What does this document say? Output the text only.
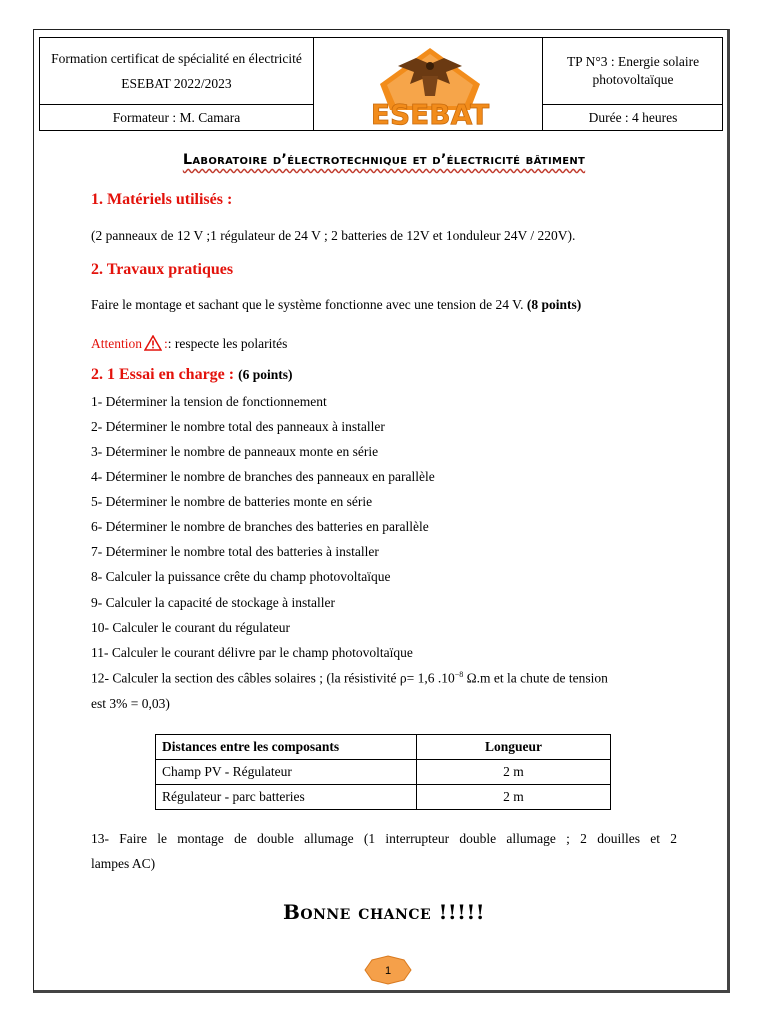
Formation certificat de spécialité en électricité ESEBAT 2022/2023
Formateur : M. Camara	ESEBAT
TP N°3 : Energie solaire photovoltaïque
Durée : 4 heures
Laboratoire d’électrotechnique et d’électricité bâtiment
1. Matériels utilisés :
(2 panneaux de 12 V ;1 régulateur de 24 V ; 2 batteries de 12V et 1onduleur 24V / 220V).
2. Travaux pratiques
Faire le montage et sachant que le système fonctionne avec une tension de 24 V. (8 points)
Attention :: respecte les polarités
2. 1 Essai en charge : (6 points)
1- Déterminer la tension de fonctionnement
2- Déterminer le nombre total des panneaux à installer
3- Déterminer le nombre de panneaux monte en série
4- Déterminer le nombre de branches des panneaux en parallèle
5- Déterminer le nombre de batteries monte en série
6- Déterminer le nombre de branches des batteries en parallèle
7- Déterminer le nombre total des batteries à installer
8- Calculer la puissance crête du champ photovoltaïque
9- Calculer la capacité de stockage à installer
10- Calculer le courant du régulateur
11- Calculer le courant délivre par le champ photovoltaïque
12- Calculer la section des câbles solaires ; (la résistivité ρ= 1,6 $.10^{-8}$ Ω.m et la chute de tension
est 3% = 0,03)
Distances entre les composants	Longueur
Champ PV - Régulateur	2 m
Régulateur - parc batteries	2 m
13- Faire le montage de double allumage (1 interrupteur double allumage ; 2 douilles et 2
lampes AC)
Bonne chance !!!!!
1
